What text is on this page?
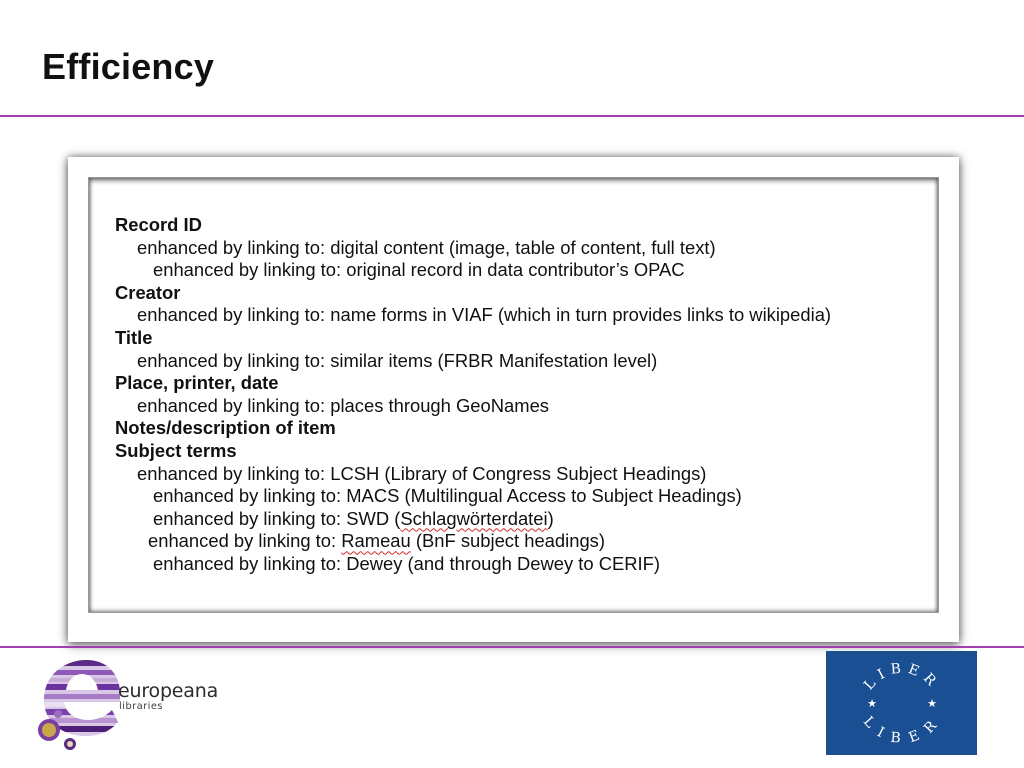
Efficiency
Record ID
enhanced by linking to: digital content (image, table of content, full text)
enhanced by linking to: original record in data contributor’s OPAC
Creator
enhanced by linking to: name forms in VIAF (which in turn provides links to wikipedia)
Title
enhanced by linking to: similar items (FRBR Manifestation level)
Place, printer, date
enhanced by linking to: places through GeoNames
Notes/description of item
Subject terms
enhanced by linking to: LCSH (Library of Congress Subject Headings)
enhanced by linking to: MACS (Multilingual Access to Subject Headings)
enhanced by linking to: SWD (Schlagwörterdatei)
enhanced by linking to: Rameau (BnF subject headings)
enhanced by linking to: Dewey (and through Dewey to CERIF)
europeana
libraries
LIBER
LIBER
★	★
